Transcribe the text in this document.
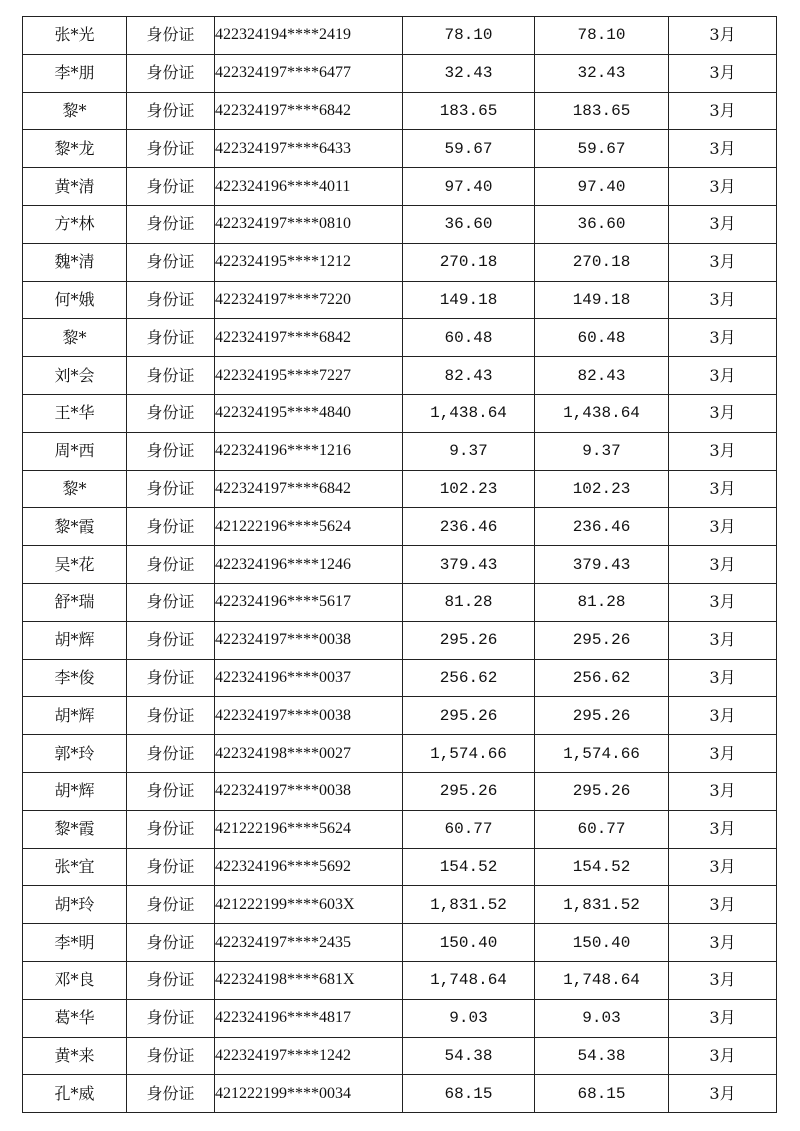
张*光	身份证	422324194****2419	78.10	78.10	3月
李*朋	身份证	422324197****6477	32.43	32.43	3月
黎*	身份证	422324197****6842	183.65	183.65	3月
黎*龙	身份证	422324197****6433	59.67	59.67	3月
黄*清	身份证	422324196****4011	97.40	97.40	3月
方*林	身份证	422324197****0810	36.60	36.60	3月
魏*清	身份证	422324195****1212	270.18	270.18	3月
何*娥	身份证	422324197****7220	149.18	149.18	3月
黎*	身份证	422324197****6842	60.48	60.48	3月
刘*会	身份证	422324195****7227	82.43	82.43	3月
王*华	身份证	422324195****4840	1,438.64	1,438.64	3月
周*西	身份证	422324196****1216	9.37	9.37	3月
黎*	身份证	422324197****6842	102.23	102.23	3月
黎*霞	身份证	421222196****5624	236.46	236.46	3月
吴*花	身份证	422324196****1246	379.43	379.43	3月
舒*瑞	身份证	422324196****5617	81.28	81.28	3月
胡*辉	身份证	422324197****0038	295.26	295.26	3月
李*俊	身份证	422324196****0037	256.62	256.62	3月
胡*辉	身份证	422324197****0038	295.26	295.26	3月
郭*玲	身份证	422324198****0027	1,574.66	1,574.66	3月
胡*辉	身份证	422324197****0038	295.26	295.26	3月
黎*霞	身份证	421222196****5624	60.77	60.77	3月
张*宜	身份证	422324196****5692	154.52	154.52	3月
胡*玲	身份证	421222199****603X	1,831.52	1,831.52	3月
李*明	身份证	422324197****2435	150.40	150.40	3月
邓*良	身份证	422324198****681X	1,748.64	1,748.64	3月
葛*华	身份证	422324196****4817	9.03	9.03	3月
黄*来	身份证	422324197****1242	54.38	54.38	3月
孔*威	身份证	421222199****0034	68.15	68.15	3月
